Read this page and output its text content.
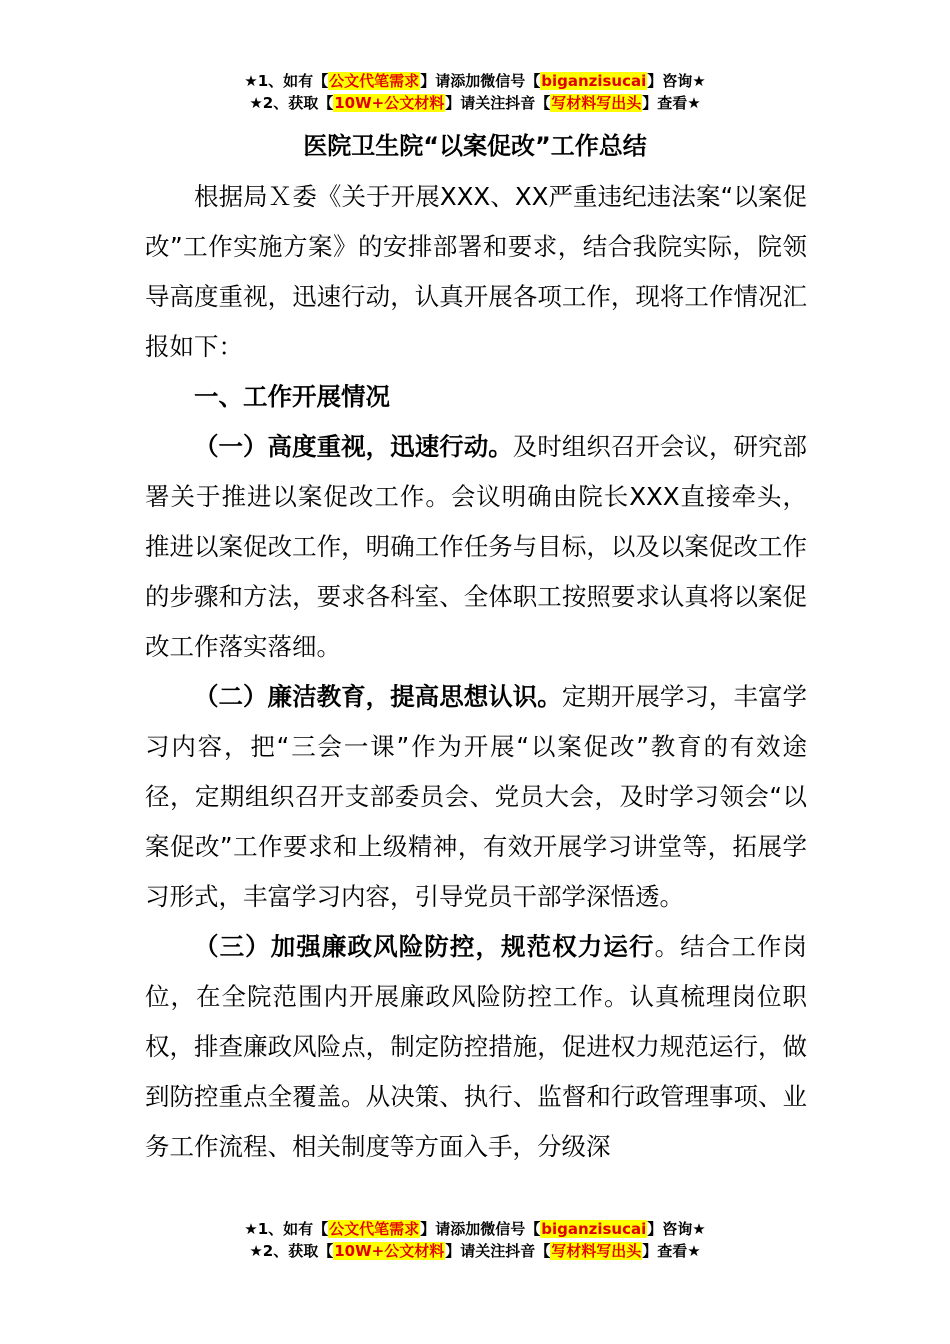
★1、如有【公文代笔需求】请添加微信号【biganzisucai】咨询★
★2、获取【10W+公文材料】请关注抖音【写材料写出头】查看★
医院卫生院“以案促改”工作总结

根据局Ｘ委《关于开展XXX、XX严重违纪违法案“以案促改”工作实施方案》的安排部署和要求，结合我院实际，院领导高度重视，迅速行动，认真开展各项工作，现将工作情况汇报如下：

一、工作开展情况

（一）高度重视，迅速行动。及时组织召开会议，研究部署关于推进以案促改工作。会议明确由院长XXX直接牵头，推进以案促改工作，明确工作任务与目标，以及以案促改工作的步骤和方法，要求各科室、全体职工按照要求认真将以案促改工作落实落细。

（二）廉洁教育，提高思想认识。定期开展学习，丰富学习内容，把“三会一课”作为开展“以案促改”教育的有效途径，定期组织召开支部委员会、党员大会，及时学习领会“以案促改”工作要求和上级精神，有效开展学习讲堂等，拓展学习形式，丰富学习内容，引导党员干部学深悟透。

（三）加强廉政风险防控，规范权力运行。结合工作岗位，在全院范围内开展廉政风险防控工作。认真梳理岗位职权，排查廉政风险点，制定防控措施，促进权力规范运行，做到防控重点全覆盖。从决策、执行、监督和行政管理事项、业务工作流程、相关制度等方面入手，分级深

★1、如有【公文代笔需求】请添加微信号【biganzisucai】咨询★
★2、获取【10W+公文材料】请关注抖音【写材料写出头】查看★
